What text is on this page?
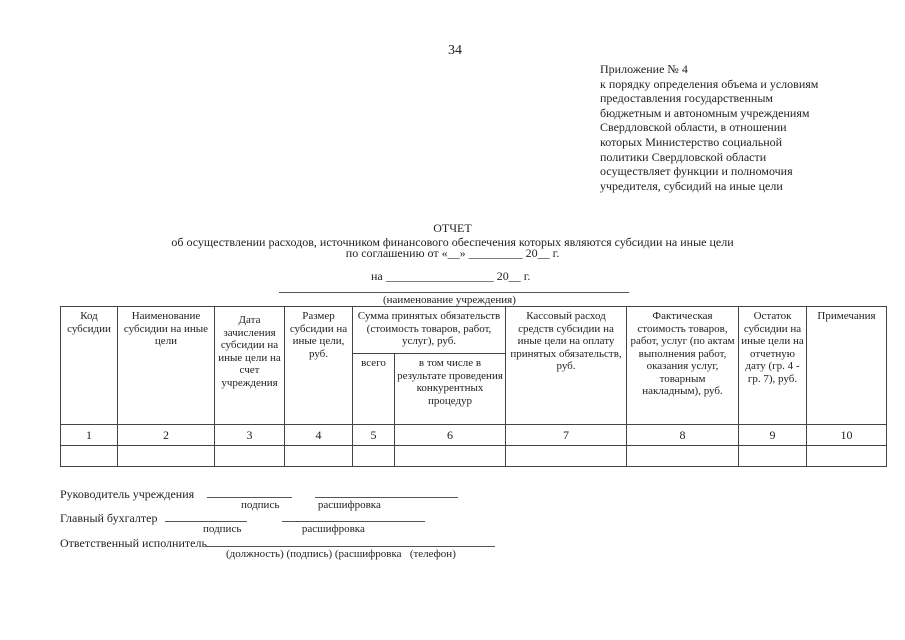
34
Приложение № 4
к порядку определения объема и условиям
предоставления государственным
бюджетным и автономным учреждениям
Свердловской области, в отношении
которых Министерство социальной
политики Свердловской области
осуществляет функции и полномочия
учредителя, субсидий на иные цели
ОТЧЕТ
об осуществлении расходов, источником финансового обеспечения которых являются субсидии на иные цели
по соглашению от «__» _________ 20__ г.
на __________________ 20__ г.
(наименование учреждения)
Код субсидии	Наименование субсидии на иные цели	Дата зачисления субсидии на иные цели на счет учреждения	Размер субсидии на иные цели, руб.	Сумма принятых обязательств (стоимость товаров, работ, услуг), руб.		Кассовый расход средств субсидии на иные цели на оплату принятых обязательств, руб.	Фактическая стоимость товаров, работ, услуг (по актам выполнения работ, оказания услуг, товарным накладным), руб.	Остаток субсидии на иные цели на отчетную дату (гр. 4 - гр. 7), руб.	Примечания
				всего	в том числе в результате проведения конкурентных процедур				
1	2	3	4	5	6	7	8	9	10

Руководитель учреждения
подпись              расшифровка
Главный бухгалтер
подпись                      расшифровка
Ответственный исполнитель
(должность) (подпись) (расшифровка   (телефон)
